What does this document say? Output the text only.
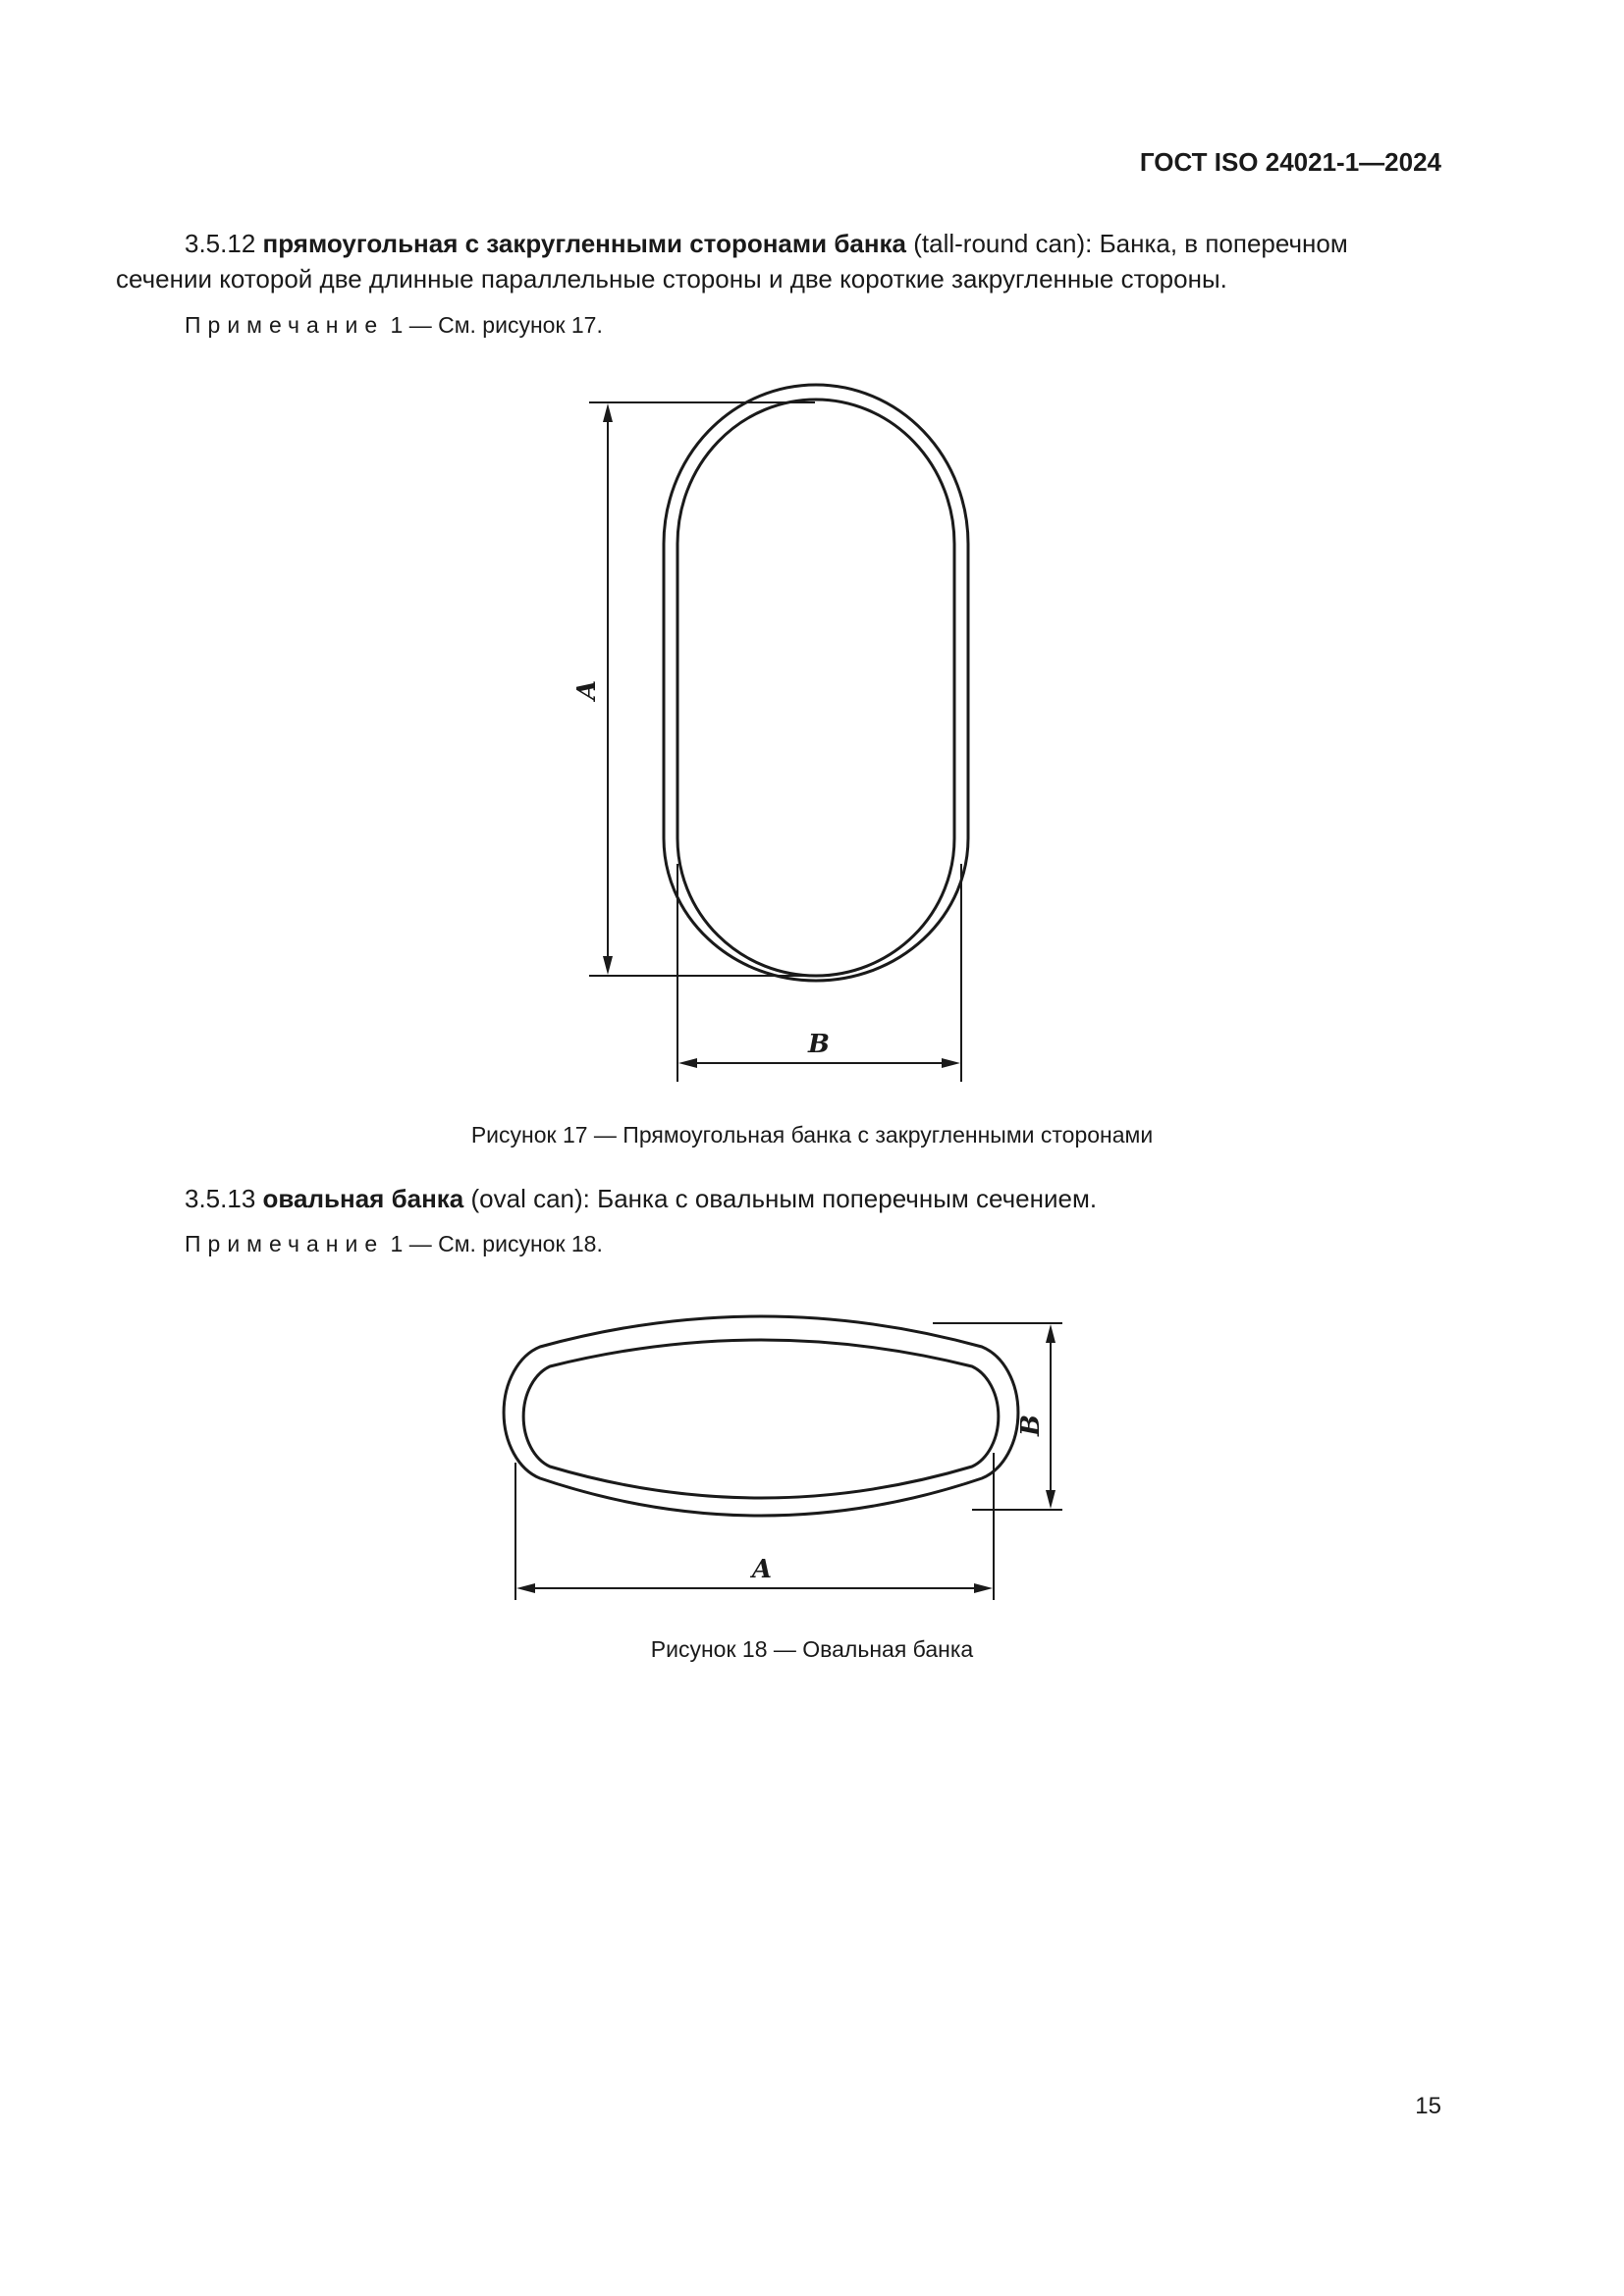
ГОСТ ISO 24021-1—2024
3.5.12 прямоугольная с закругленными сторонами банка (tall-round can): Банка, в поперечном
сечении которой две длинные параллельные стороны и две короткие закругленные стороны.
Примечание 1 — См. рисунок 17.
A
B
Рисунок 17 — Прямоугольная банка с закругленными сторонами
3.5.13 овальная банка (oval can): Банка с овальным поперечным сечением.
Примечание 1 — См. рисунок 18.
B
A
Рисунок 18 — Овальная банка
15
